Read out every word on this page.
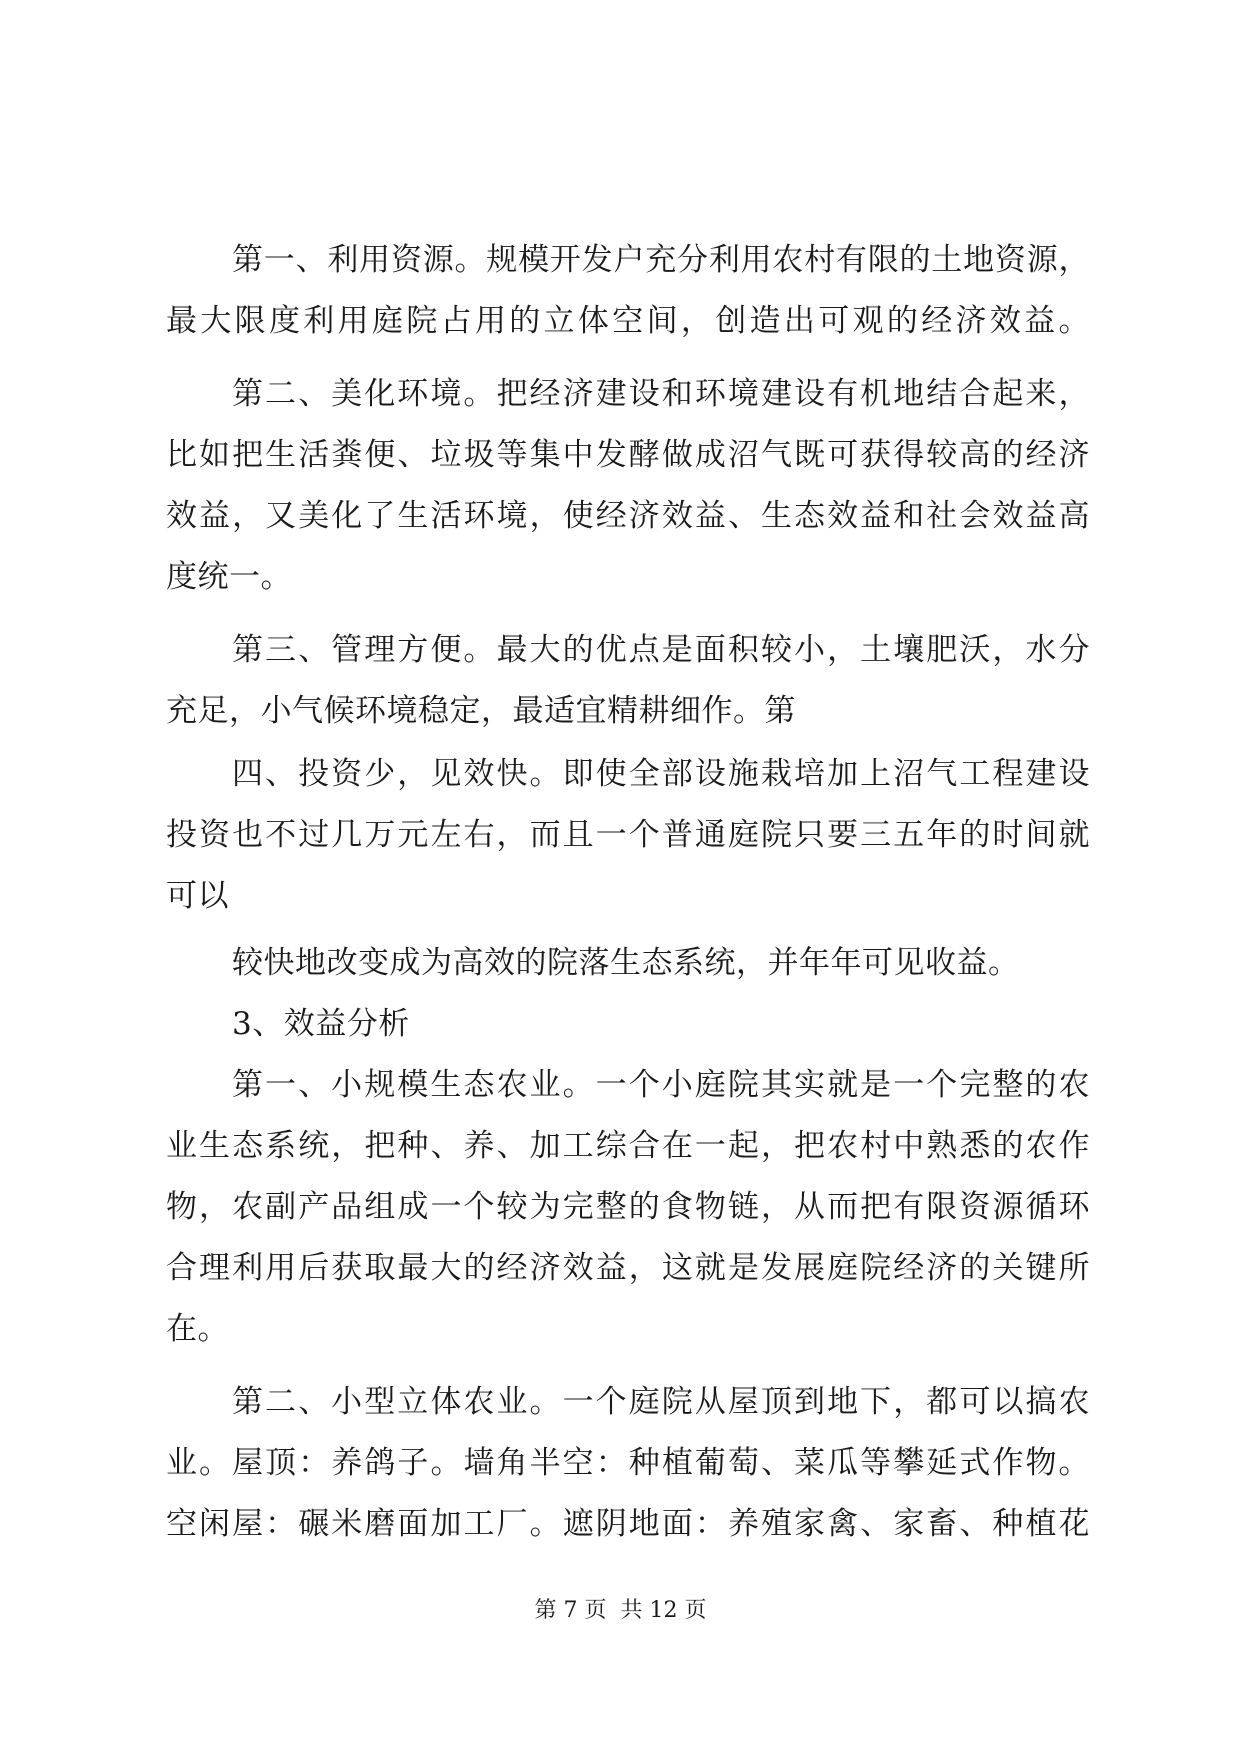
第一、利用资源。规模开发户充分利用农村有限的土地资源，
最大限度利用庭院占用的立体空间，创造出可观的经济效益。
第二、美化环境。把经济建设和环境建设有机地结合起来，
比如把生活粪便、垃圾等集中发酵做成沼气既可获得较高的经济
效益，又美化了生活环境，使经济效益、生态效益和社会效益高
度统一。
第三、管理方便。最大的优点是面积较小，土壤肥沃，水分
充足，小气候环境稳定，最适宜精耕细作。第
四、投资少，见效快。即使全部设施栽培加上沼气工程建设
投资也不过几万元左右，而且一个普通庭院只要三五年的时间就
可以
较快地改变成为高效的院落生态系统，并年年可见收益。
3、效益分析
第一、小规模生态农业。一个小庭院其实就是一个完整的农
业生态系统，把种、养、加工综合在一起，把农村中熟悉的农作
物，农副产品组成一个较为完整的食物链，从而把有限资源循环
合理利用后获取最大的经济效益，这就是发展庭院经济的关键所
在。
第二、小型立体农业。一个庭院从屋顶到地下，都可以搞农
业。屋顶：养鸽子。墙角半空：种植葡萄、菜瓜等攀延式作物。
空闲屋：碾米磨面加工厂。遮阴地面：养殖家禽、家畜、种植花
第 7 页  共 12 页
